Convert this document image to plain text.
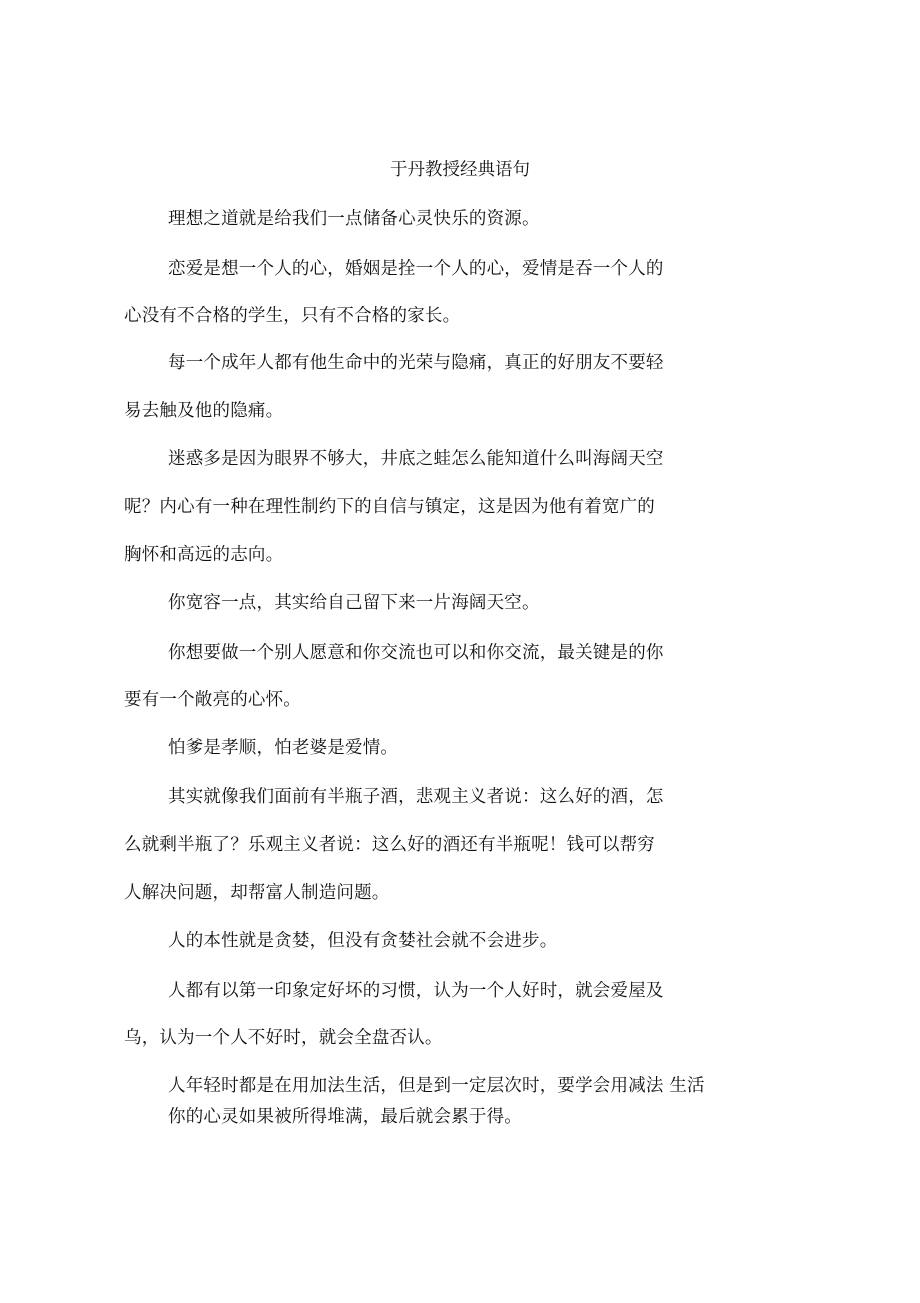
于丹教授经典语句
理想之道就是给我们一点储备心灵快乐的资源。
恋爱是想一个人的心，婚姻是拴一个人的心，爱情是吞一个人的
心没有不合格的学生，只有不合格的家长。
每一个成年人都有他生命中的光荣与隐痛，真正的好朋友不要轻
易去触及他的隐痛。
迷惑多是因为眼界不够大，井底之蛙怎么能知道什么叫海阔天空
呢？内心有一种在理性制约下的自信与镇定，这是因为他有着宽广的
胸怀和高远的志向。
你宽容一点，其实给自己留下来一片海阔天空。
你想要做一个别人愿意和你交流也可以和你交流，最关键是的你
要有一个敞亮的心怀。
怕爹是孝顺，怕老婆是爱情。
其实就像我们面前有半瓶子酒，悲观主义者说：这么好的酒，怎
么就剩半瓶了？乐观主义者说：这么好的酒还有半瓶呢！钱可以帮穷
人解决问题，却帮富人制造问题。
人的本性就是贪婪，但没有贪婪社会就不会进步。
人都有以第一印象定好坏的习惯，认为一个人好时，就会爱屋及
乌，认为一个人不好时，就会全盘否认。
人年轻时都是在用加法生活，但是到一定层次时，要学会用减法 生活
你的心灵如果被所得堆满，最后就会累于得。
